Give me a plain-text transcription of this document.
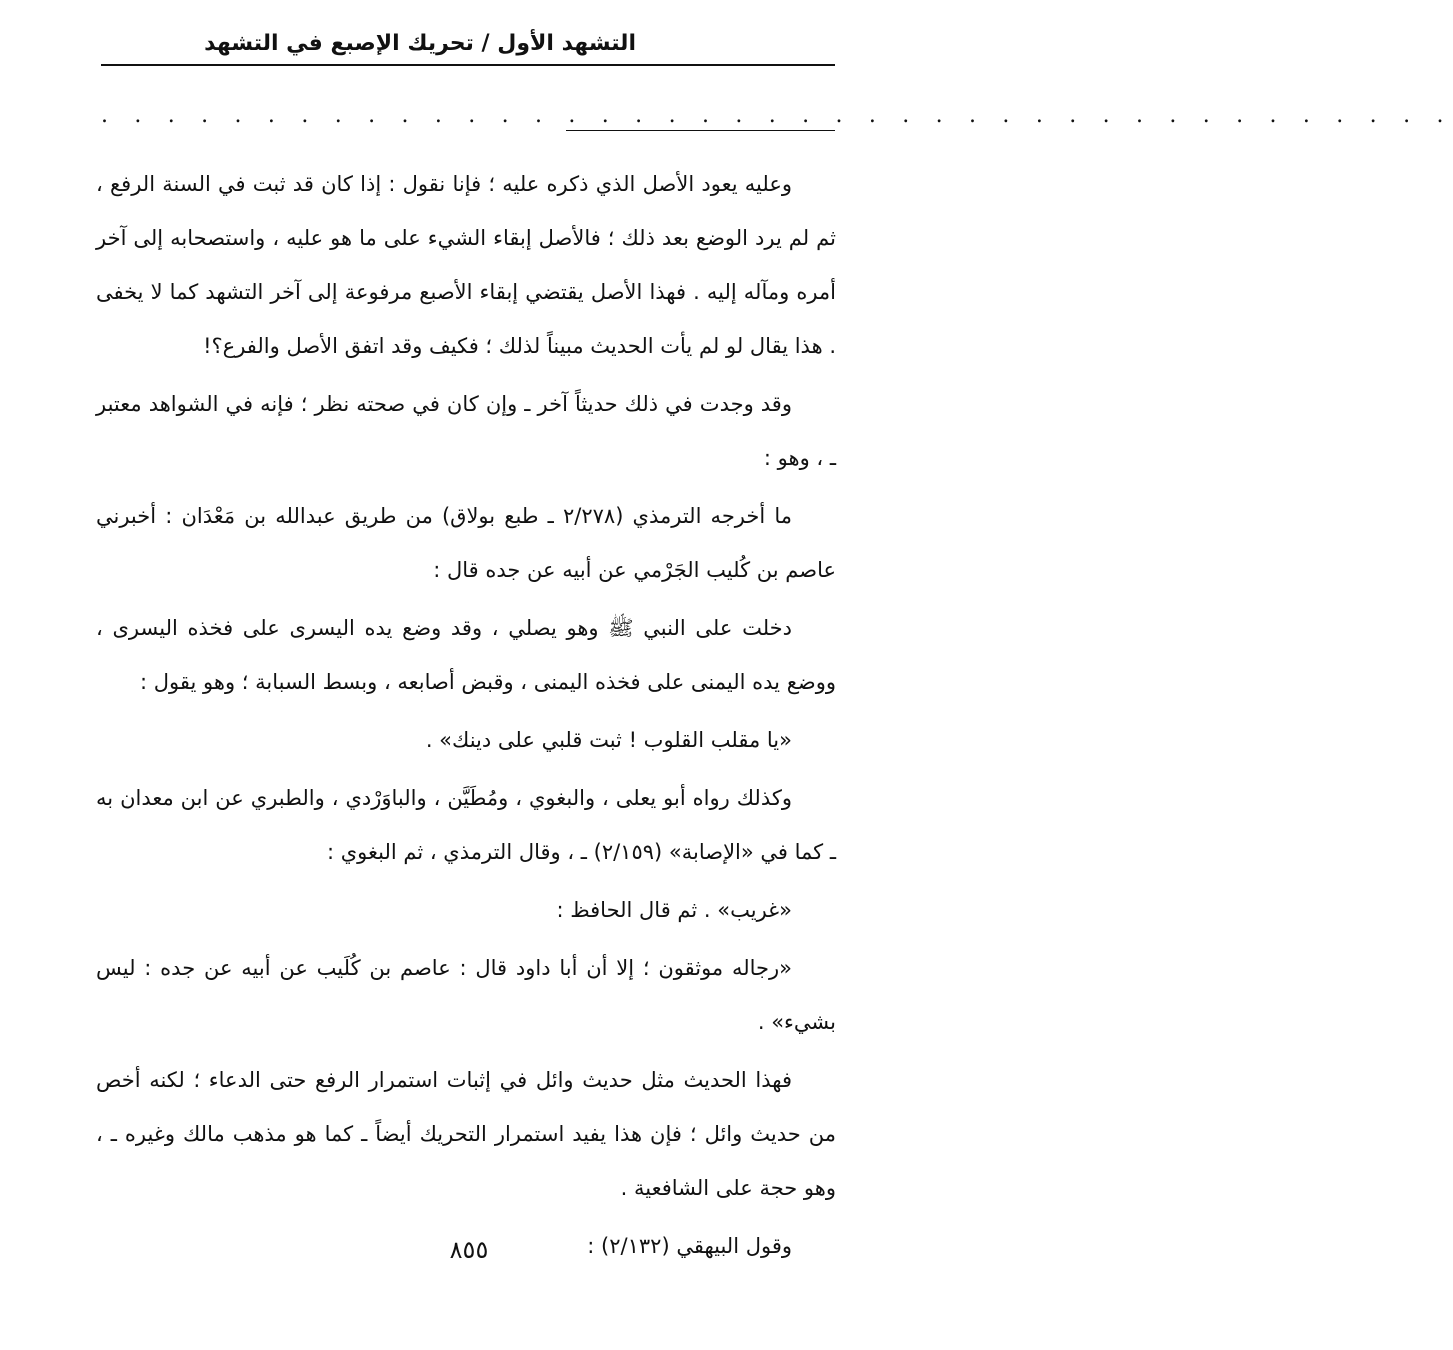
التشهد الأول / تحريك الإصبع في التشهد
. . . . . . . . . . . . . . . . . . . . . . . . . . . . . . . . . . . . . . . . .

وعليه يعود الأصل الذي ذكره عليه ؛ فإنا نقول : إذا كان قد ثبت في السنة الرفع ، ثم لم يرد الوضع بعد ذلك ؛ فالأصل إبقاء الشيء على ما هو عليه ، واستصحابه إلى آخر أمره ومآله إليه . فهذا الأصل يقتضي إبقاء الأصبع مرفوعة إلى آخر التشهد كما لا يخفى . هذا يقال لو لم يأت الحديث مبيناً لذلك ؛ فكيف وقد اتفق الأصل والفرع؟!

وقد وجدت في ذلك حديثاً آخر ـ وإن كان في صحته نظر ؛ فإنه في الشواهد معتبر ـ ، وهو :

ما أخرجه الترمذي (٢/٢٧٨ ـ طبع بولاق) من طريق عبدالله بن مَعْدَان : أخبرني عاصم بن كُليب الجَرْمي عن أبيه عن جده قال :

دخلت على النبي ﷺ وهو يصلي ، وقد وضع يده اليسرى على فخذه اليسرى ، ووضع يده اليمنى على فخذه اليمنى ، وقبض أصابعه ، وبسط السبابة ؛ وهو يقول :

«يا مقلب القلوب ! ثبت قلبي على دينك» .

وكذلك رواه أبو يعلى ، والبغوي ، ومُطَيَّن ، والباوَرْدي ، والطبري عن ابن معدان به ـ كما في «الإصابة» (٢/١٥٩) ـ ، وقال الترمذي ، ثم البغوي :

«غريب» . ثم قال الحافظ :

«رجاله موثقون ؛ إلا أن أبا داود قال : عاصم بن كُلَيب عن أبيه عن جده : ليس بشيء» .

فهذا الحديث مثل حديث وائل في إثبات استمرار الرفع حتى الدعاء ؛ لكنه أخص من حديث وائل ؛ فإن هذا يفيد استمرار التحريك أيضاً ـ كما هو مذهب مالك وغيره ـ ، وهو حجة على الشافعية .

وقول البيهقي (٢/١٣٢) :

٨٥٥
